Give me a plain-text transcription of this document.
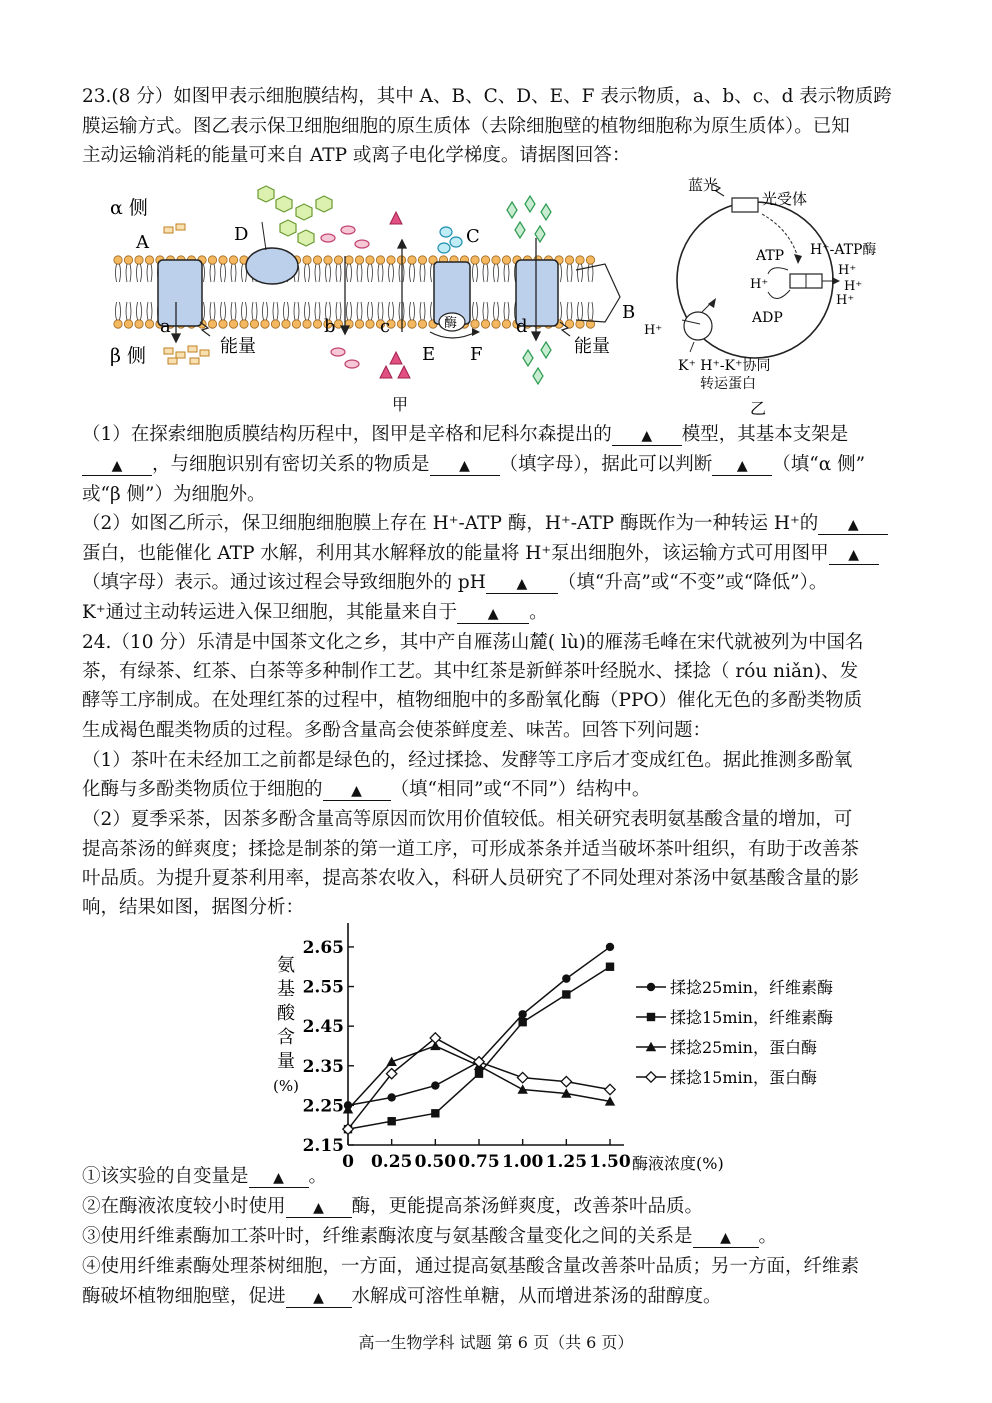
23.(8 分）如图甲表示细胞膜结构，其中 A、B、C、D、E、F 表示物质，a、b、c、d 表示物质跨
膜运输方式。图乙表示保卫细胞细胞的原生质体（去除细胞壁的植物细胞称为原生质体）。已知
主动运输消耗的能量可来自 ATP 或离子电化学梯度。请据图回答：
α 侧
β 侧
A	D	C
B
a	b c	d
酶
E F
能量	能量
甲
蓝光
光受体
ATP H⁺-ATP酶
H⁺
ADP
H⁺
H⁺
H⁺
H⁺
K⁺ H⁺-K⁺协同
转运蛋白
乙
（1）在探索细胞质膜结构历程中，图甲是辛格和尼科尔森提出的 ▲ 模型，其基本支架是
▲ ，与细胞识别有密切关系的物质是 ▲ （填字母），据此可以判断 ▲ （填“α 侧”
或“β 侧”）为细胞外。
（2）如图乙所示，保卫细胞细胞膜上存在 H⁺-ATP 酶，H⁺-ATP 酶既作为一种转运 H⁺的 ▲
蛋白，也能催化 ATP 水解，利用其水解释放的能量将 H⁺泵出细胞外，该运输方式可用图甲 ▲
（填字母）表示。通过该过程会导致细胞外的 pH ▲ （填“升高”或“不变”或“降低”）。
K⁺通过主动转运进入保卫细胞，其能量来自于 ▲ 。
24.（10 分）乐清是中国茶文化之乡，其中产自雁荡山麓( lù)的雁荡毛峰在宋代就被列为中国名
茶，有绿茶、红茶、白茶等多种制作工艺。其中红茶是新鲜茶叶经脱水、揉捻（ róu niǎn)、发
酵等工序制成。在处理红茶的过程中，植物细胞中的多酚氧化酶（PPO）催化无色的多酚类物质
生成褐色醌类物质的过程。多酚含量高会使茶鲜度差、味苦。回答下列问题：
（1）茶叶在未经加工之前都是绿色的，经过揉捻、发酵等工序后才变成红色。据此推测多酚氧
化酶与多酚类物质位于细胞的 ▲ （填“相同”或“不同”）结构中。
（2）夏季采茶，因茶多酚含量高等原因而饮用价值较低。相关研究表明氨基酸含量的增加，可
提高茶汤的鲜爽度；揉捻是制茶的第一道工序，可形成茶条并适当破坏茶叶组织，有助于改善茶
叶品质。为提升夏茶利用率，提高茶农收入，科研人员研究了不同处理对茶汤中氨基酸含量的影
响，结果如图，据图分析：
2.15
2.25
2.35
2.45
2.55
2.65
0 0.25 0.50 0.75 1.00 1.25 1.50 酶液浓度(%)
氨
基
酸
含
量
(%)
揉捻25min，纤维素酶
揉捻15min，纤维素酶
揉捻25min，蛋白酶
揉捻15min，蛋白酶
①该实验的自变量是 ▲ 。
②在酶液浓度较小时使用 ▲ 酶，更能提高茶汤鲜爽度，改善茶叶品质。
③使用纤维素酶加工茶叶时，纤维素酶浓度与氨基酸含量变化之间的关系是 ▲ 。
④使用纤维素酶处理茶树细胞，一方面，通过提高氨基酸含量改善茶叶品质；另一方面，纤维素
酶破坏植物细胞壁，促进 ▲ 水解成可溶性单糖，从而增进茶汤的甜醇度。
高一生物学科 试题 第 6 页（共 6 页）
